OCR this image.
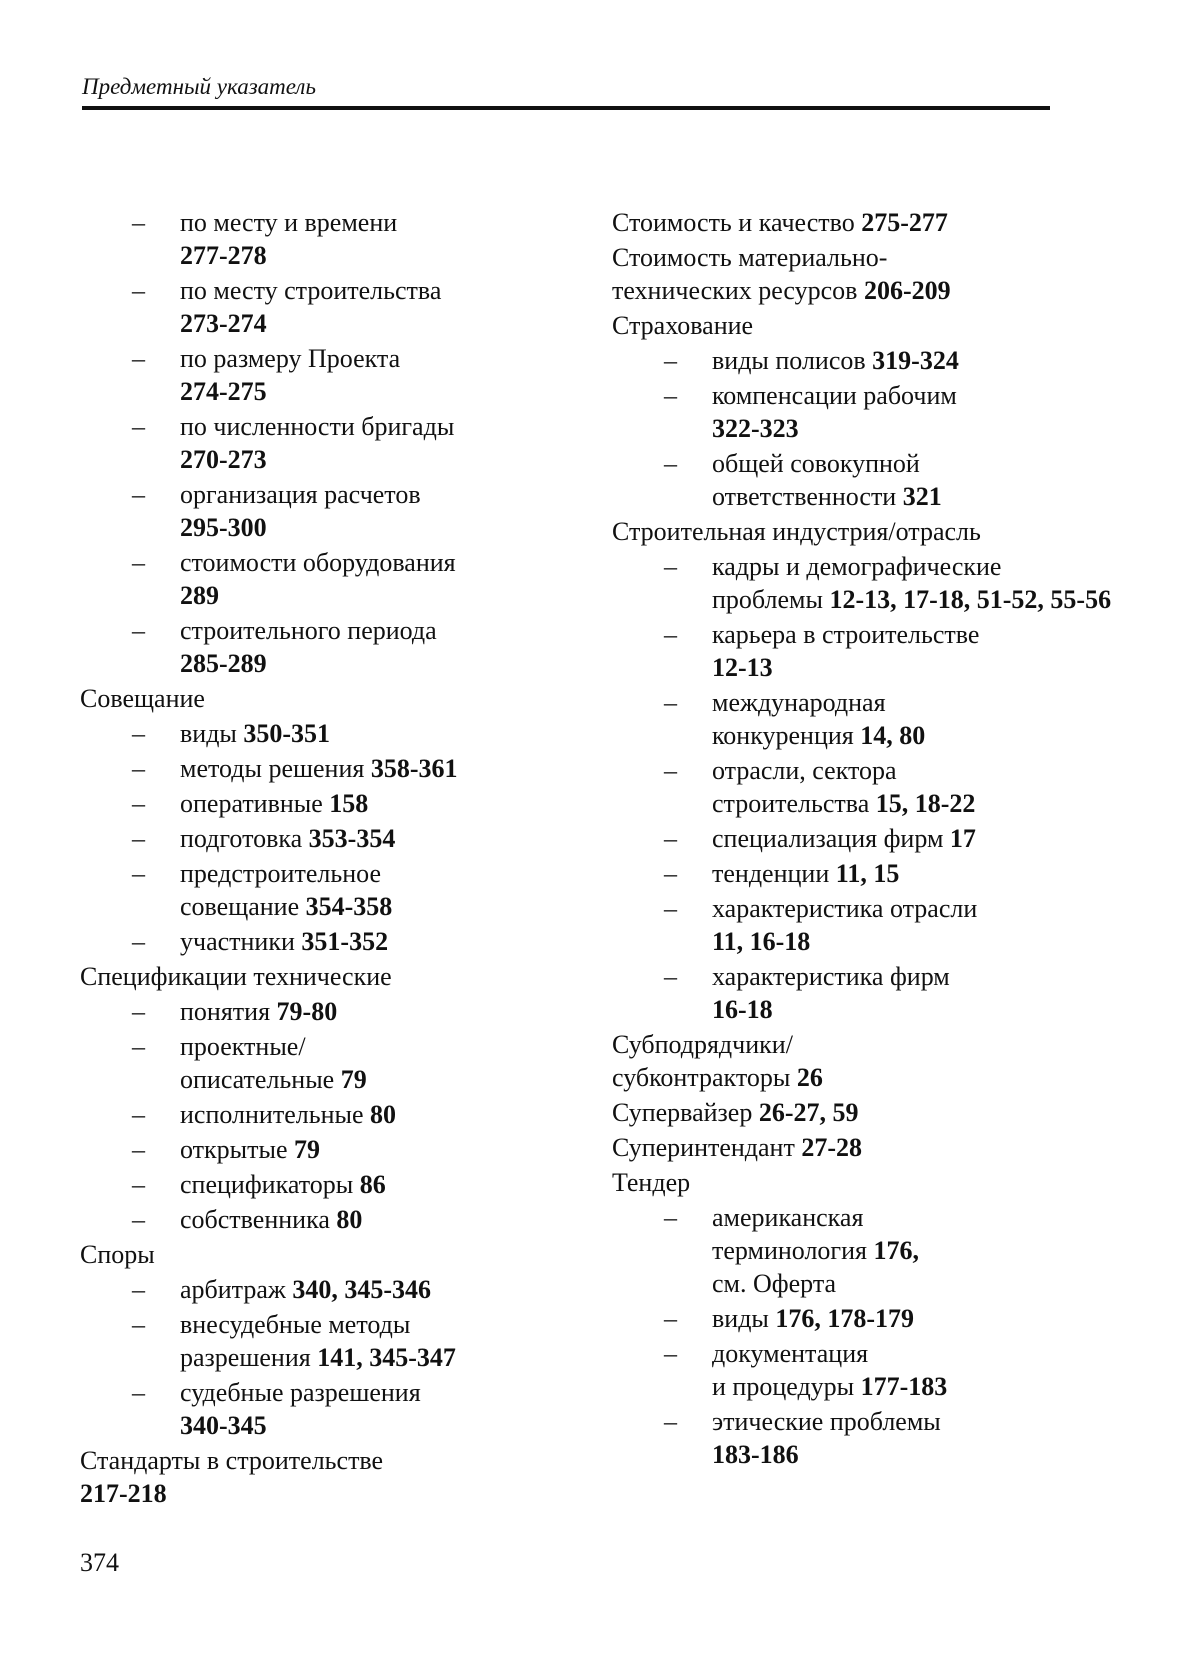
Предметный указатель
– по месту и времени
277-278
– по месту строительства
273-274
– по размеру Проекта
274-275
– по численности бригады
270-273
– организация расчетов
295-300
– стоимости оборудования
289
– строительного периода
285-289
Совещание
– виды 350-351
– методы решения 358-361
– оперативные 158
– подготовка 353-354
– предстроительное
совещание 354-358
– участники 351-352
Спецификации технические
– понятия 79-80
– проектные/
описательные 79
– исполнительные 80
– открытые 79
– спецификаторы 86
– собственника 80
Споры
– арбитраж 340, 345-346
– внесудебные методы
разрешения 141, 345-347
– судебные разрешения
340-345
Стандарты в строительстве
217-218
Стоимость и качество 275-277
Стоимость материально-
технических ресурсов 206-209
Страхование
– виды полисов 319-324
– компенсации рабочим
322-323
– общей совокупной
ответственности 321
Строительная индустрия/отрасль
– кадры и демографические
проблемы 12-13, 17-18, 51-52, 55-56
– карьера в строительстве
12-13
– международная
конкуренция 14, 80
– отрасли, сектора
строительства 15, 18-22
– специализация фирм 17
– тенденции 11, 15
– характеристика отрасли
11, 16-18
– характеристика фирм
16-18
Субподрядчики/
субконтракторы 26
Супервайзер 26-27, 59
Суперинтендант 27-28
Тендер
– американская
терминология 176,
см. Оферта
– виды 176, 178-179
– документация
и процедуры 177-183
– этические проблемы
183-186
374
